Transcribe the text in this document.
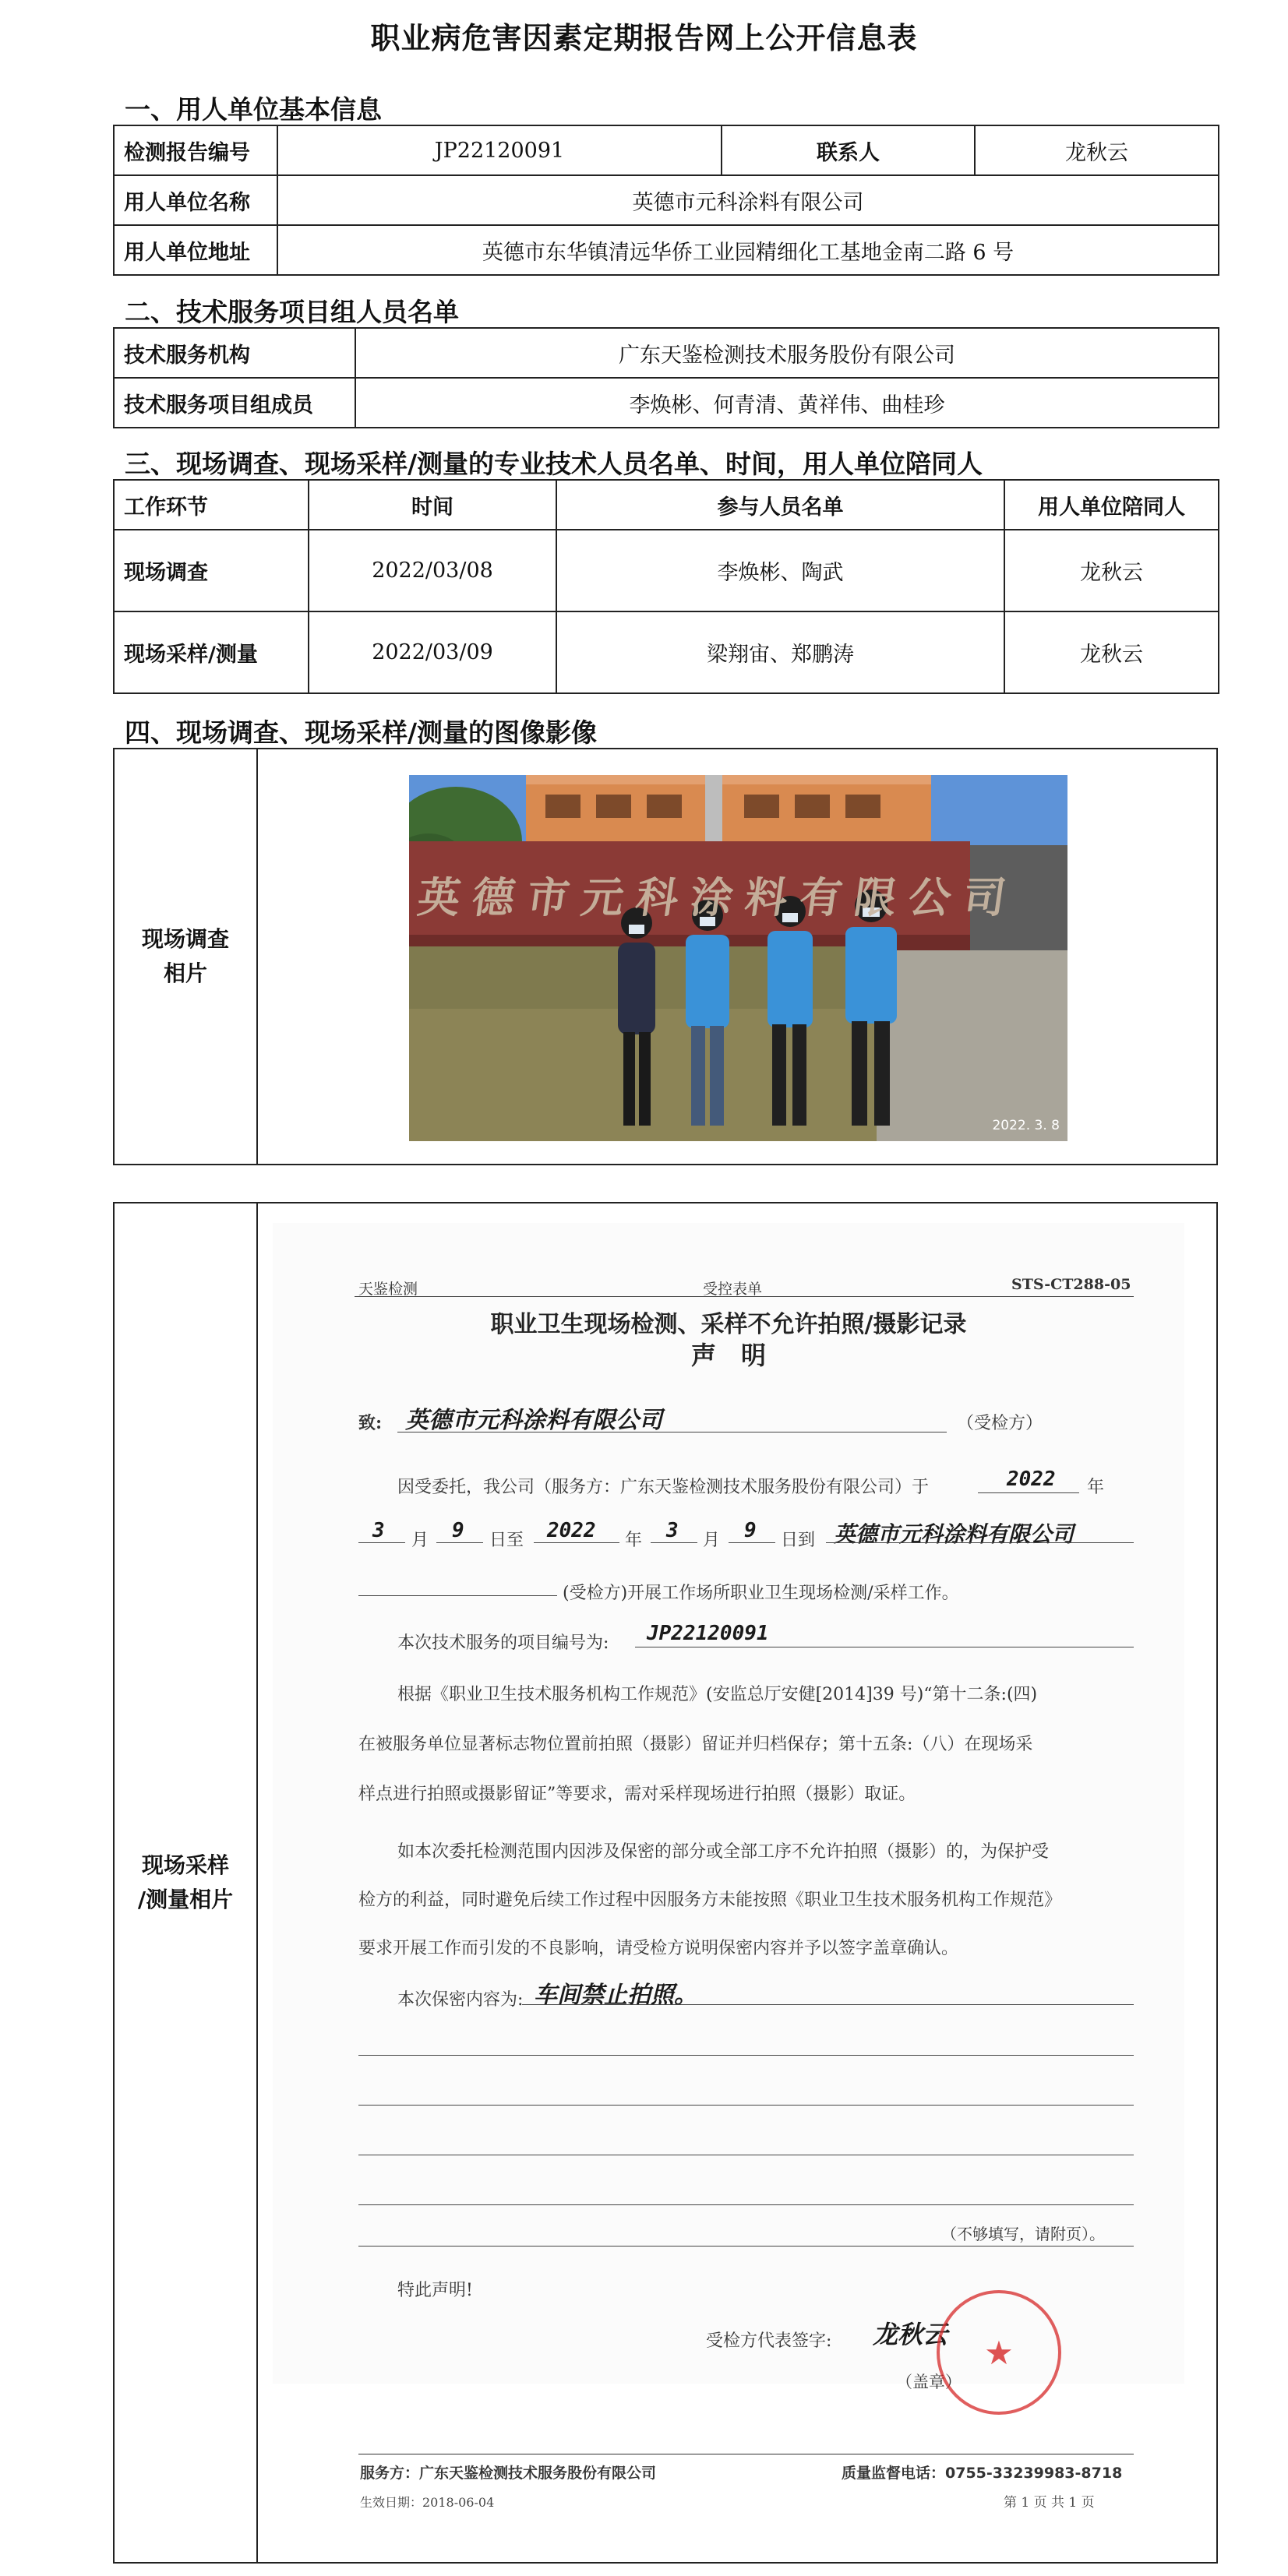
职业病危害因素定期报告网上公开信息表
一、用人单位基本信息
检测报告编号	JP22120091	联系人	龙秋云
用人单位名称	英德市元科涂料有限公司		
用人单位地址	英德市东华镇清远华侨工业园精细化工基地金南二路 6 号		
二、技术服务项目组人员名单
技术服务机构	广东天鉴检测技术服务股份有限公司
技术服务项目组成员	李焕彬、何青清、黄祥伟、曲桂珍
三、现场调查、现场采样/测量的专业技术人员名单、时间，用人单位陪同人
工作环节	时间	参与人员名单	用人单位陪同人
现场调查	2022/03/08	李焕彬、陶武	龙秋云
现场采样/测量	2022/03/09	梁翔宙、郑鹏涛	龙秋云
四、现场调查、现场采样/测量的图像影像
现场调查
相片
英德市元科涂料有限公司
2022. 3. 8
现场采样
/测量相片
天鉴检测	受控表单	STS-CT288-05
职业卫生现场检测、采样不允许拍照/摄影记录
声　明
致: 英德市元科涂料有限公司	（受检方）
因受委托，我公司（服务方：广东天鉴检测技术服务股份有限公司）于	2022 年
3 月 9 日至 2022 年 3 月 9 日到 英德市元科涂料有限公司
(受检方)开展工作场所职业卫生现场检测/采样工作。
本次技术服务的项目编号为: JP22120091
根据《职业卫生技术服务机构工作规范》(安监总厅安健[2014]39 号)“第十二条:(四)
在被服务单位显著标志物位置前拍照（摄影）留证并归档保存；第十五条:（八）在现场采
样点进行拍照或摄影留证”等要求，需对采样现场进行拍照（摄影）取证。
如本次委托检测范围内因涉及保密的部分或全部工序不允许拍照（摄影）的，为保护受
检方的利益，同时避免后续工作过程中因服务方未能按照《职业卫生技术服务机构工作规范》
要求开展工作而引发的不良影响，请受检方说明保密内容并予以签字盖章确认。
本次保密内容为: 车间禁止拍照。
（不够填写，请附页）。
特此声明!
受检方代表签字: 龙秋云
（盖章）
★
服务方：广东天鉴检测技术服务股份有限公司	质量监督电话：0755-33239983-8718
生效日期：2018-06-04	第 1 页 共 1 页
